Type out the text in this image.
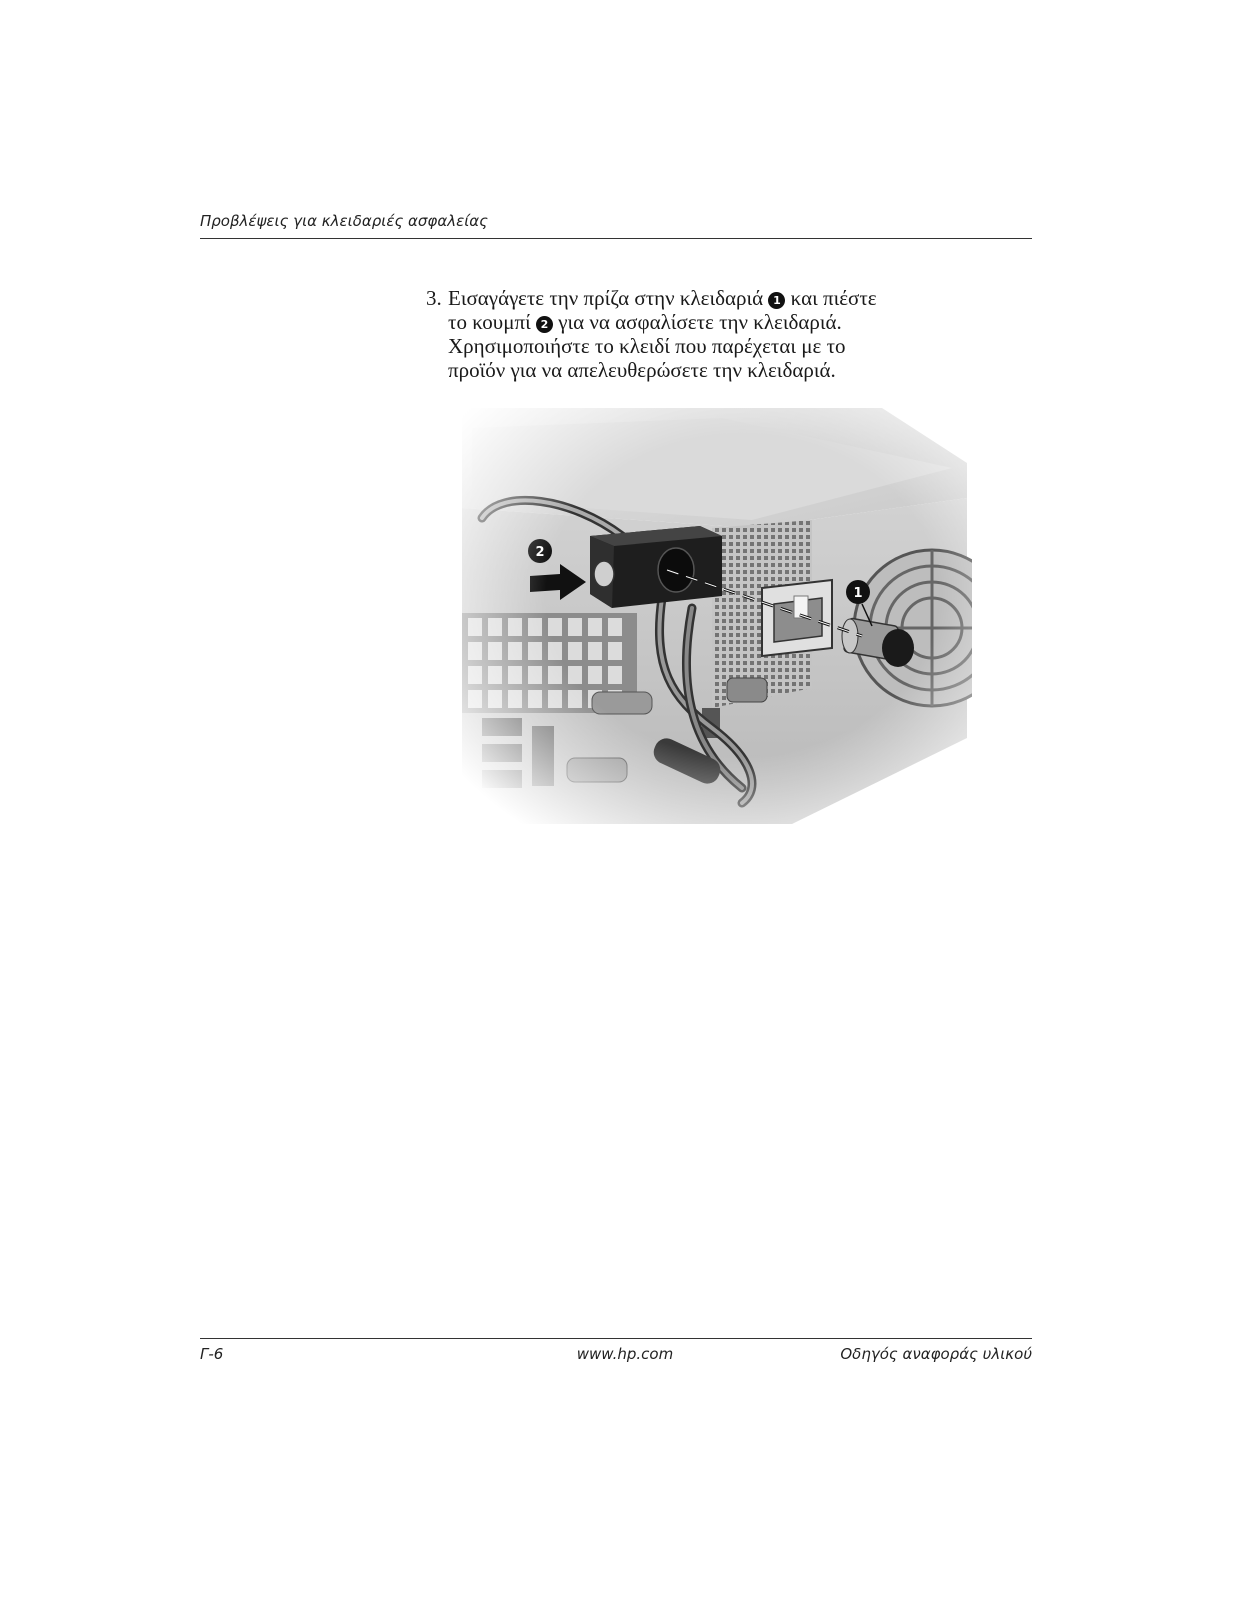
Προβλέψεις για κλειδαριές ασφαλείας
3. Εισαγάγετε την πρίζα στην κλειδαριά 1 και πιέστε
το κουμπί 2 για να ασφαλίσετε την κλειδαριά.
Χρησιμοποιήστε το κλειδί που παρέχεται με το
προϊόν για να απελευθερώσετε την κλειδαριά.
Γ-6	www.hp.com	Οδηγός αναφοράς υλικού
